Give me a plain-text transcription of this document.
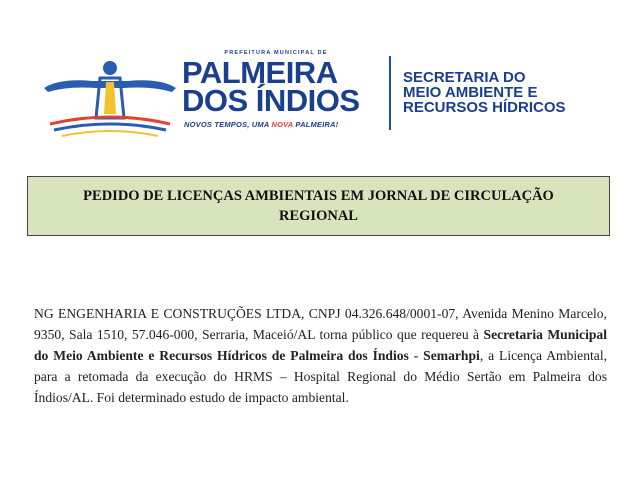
PREFEITURA MUNICIPAL DE
PALMEIRA
DOS ÍNDIOS
NOVOS TEMPOS, UMA NOVA PALMEIRA!
SECRETARIA DO
MEIO AMBIENTE E
RECURSOS HÍDRICOS
PEDIDO DE LICENÇAS AMBIENTAIS EM JORNAL DE CIRCULAÇÃO REGIONAL
NG ENGENHARIA E CONSTRUÇÕES LTDA, CNPJ 04.326.648/0001-07, Avenida Menino Marcelo, 9350, Sala 1510, 57.046-000, Serraria, Maceió/AL torna público que requereu à Secretaria Municipal do Meio Ambiente e Recursos Hídricos de Palmeira dos Índios - Semarhpi, a Licença Ambiental, para a retomada da execução do HRMS – Hospital Regional do Médio Sertão em Palmeira dos Índios/AL. Foi determinado estudo de impacto ambiental.
